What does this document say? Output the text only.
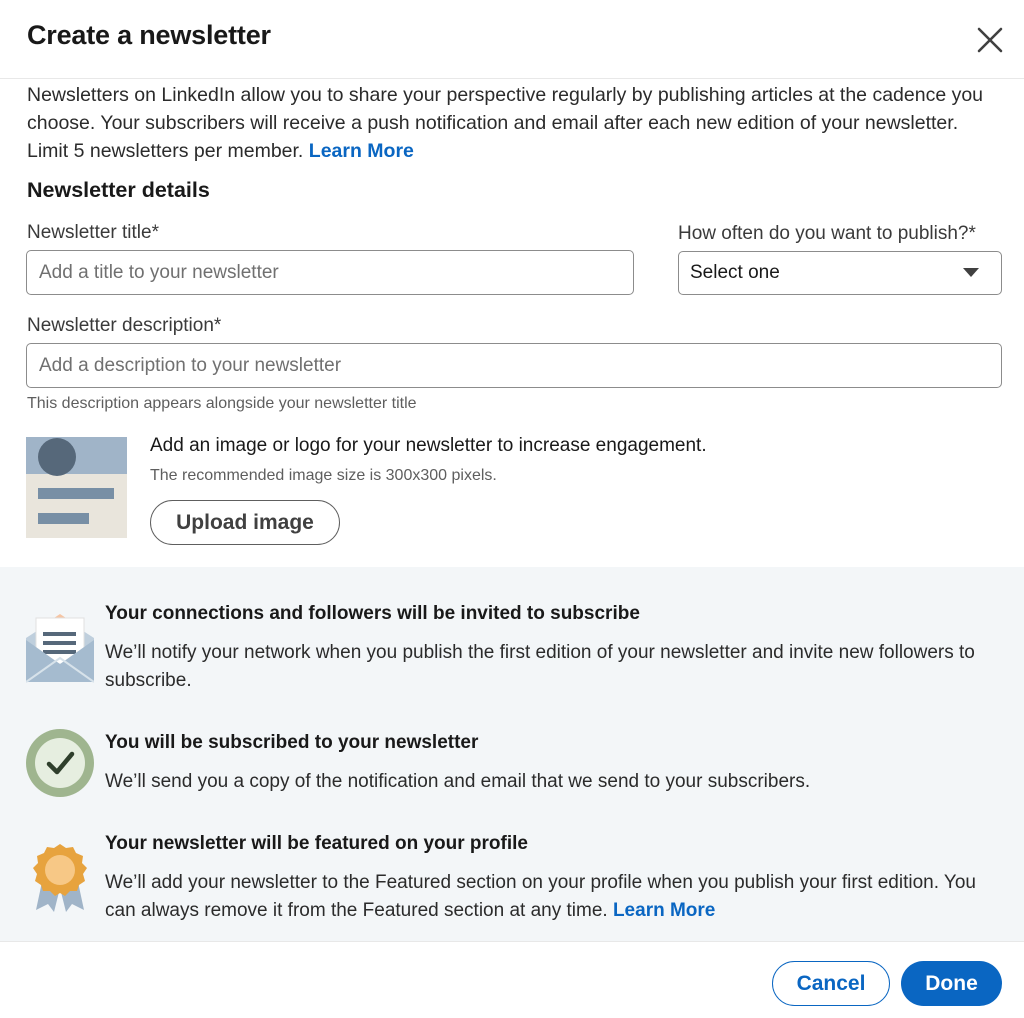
Create a newsletter

Newsletters on LinkedIn allow you to share your perspective regularly by publishing articles at the cadence you choose. Your subscribers will receive a push notification and email after each new edition of your newsletter. Limit 5 newsletters per member. Learn More

Newsletter details
Newsletter title*
Add a title to your newsletter	How often do you want to publish?*
Select one
Newsletter description*
Add a description to your newsletter

This description appears alongside your newsletter title

Add an image or logo for your newsletter to increase engagement.

The recommended image size is 300x300 pixels.

Upload image

Your connections and followers will be invited to subscribe

We’ll notify your network when you publish the first edition of your newsletter and invite new followers to subscribe.

You will be subscribed to your newsletter

We’ll send you a copy of the notification and email that we send to your subscribers.

Your newsletter will be featured on your profile

We’ll add your newsletter to the Featured section on your profile when you publish your first edition. You can always remove it from the Featured section at any time. Learn More

Cancel	Done
